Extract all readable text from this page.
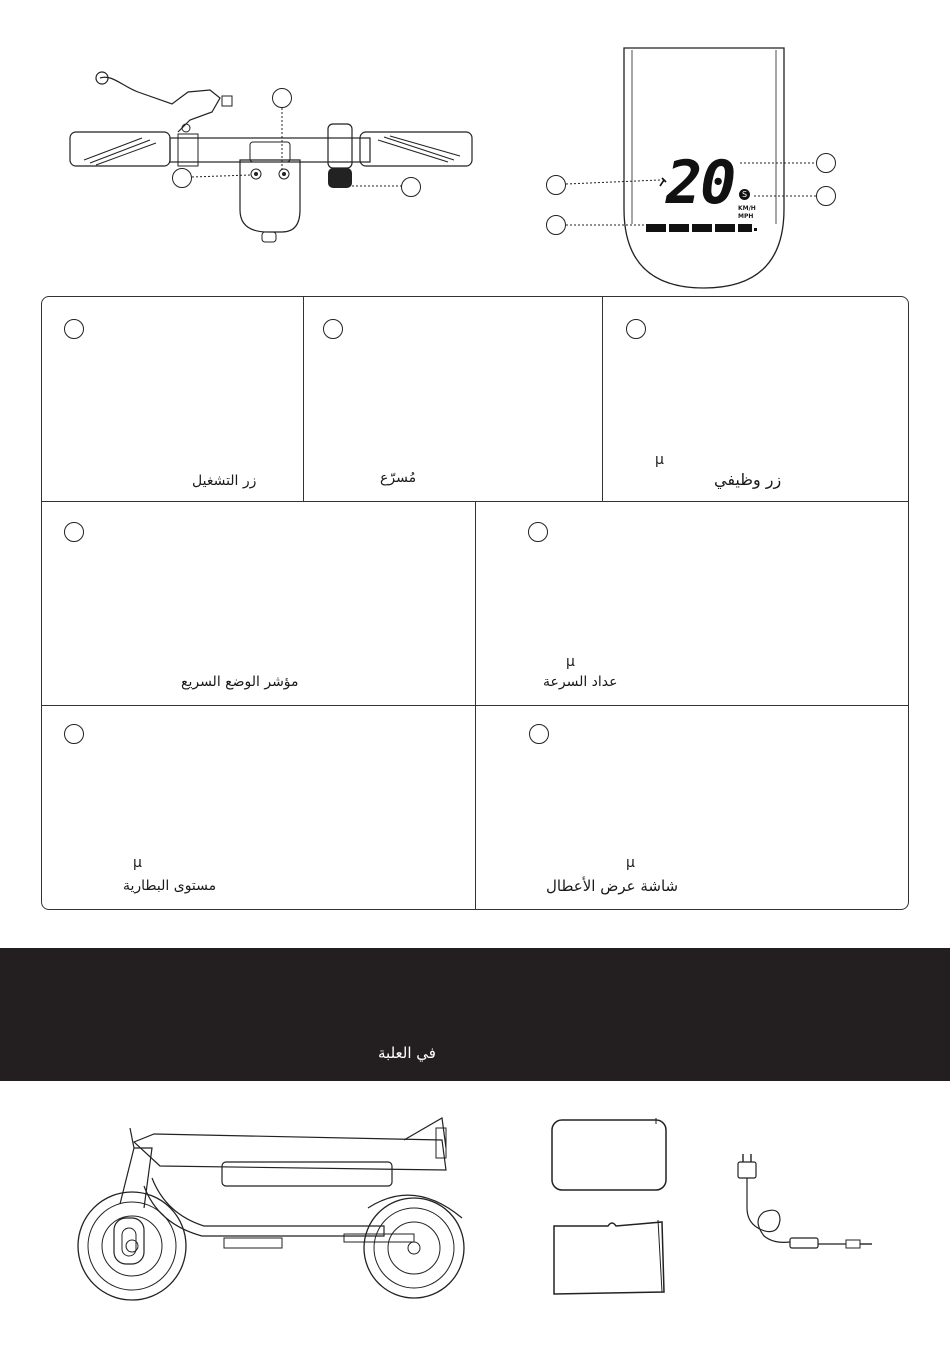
20 S
KM/H
MPH
زر التشغيل	مُسرّع
μ
زر وظيفي
مؤشر الوضع السريع
μ
عداد السرعة
μ
مستوى البطارية
μ
شاشة عرض الأعطال
في العلبة
